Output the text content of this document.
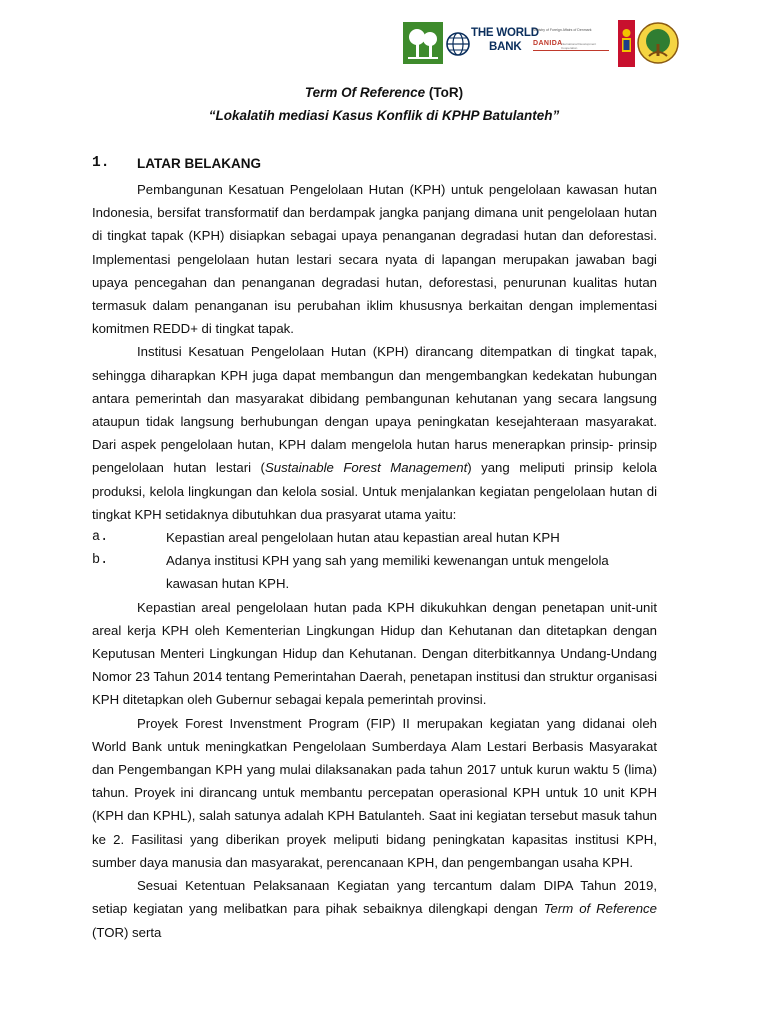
THE WORLD
BANK
Ministry of Foreign Affairs of Denmark
DANIDA
International Development Cooperation
Term Of Reference (ToR)
“Lokalatih mediasi Kasus Konflik di KPHP Batulanteh”
1. LATAR BELAKANG

Pembangunan Kesatuan Pengelolaan Hutan (KPH) untuk pengelolaan kawasan hutan Indonesia, bersifat transformatif dan berdampak jangka panjang dimana unit pengelolaan hutan di tingkat tapak (KPH) disiapkan sebagai upaya penanganan degradasi hutan dan deforestasi. Implementasi pengelolaan hutan lestari secara nyata di lapangan merupakan jawaban bagi upaya pencegahan dan penanganan degradasi hutan, deforestasi, penurunan kualitas hutan termasuk dalam penanganan isu perubahan iklim khususnya berkaitan dengan implementasi komitmen REDD+ di tingkat tapak.

Institusi Kesatuan Pengelolaan Hutan (KPH) dirancang ditempatkan di tingkat tapak, sehingga diharapkan KPH juga dapat membangun dan mengembangkan kedekatan hubungan antara pemerintah dan masyarakat dibidang pembangunan kehutanan yang secara langsung ataupun tidak langsung berhubungan dengan upaya peningkatan kesejahteraan masyarakat. Dari aspek pengelolaan hutan, KPH dalam mengelola hutan harus menerapkan prinsip- prinsip pengelolaan hutan lestari (Sustainable Forest Management) yang meliputi prinsip kelola produksi, kelola lingkungan dan kelola sosial. Untuk menjalankan kegiatan pengelolaan hutan di tingkat KPH setidaknya dibutuhkan dua prasyarat utama yaitu:

a.	Kepastian areal pengelolaan hutan atau kepastian areal hutan KPH
b.	Adanya institusi KPH yang sah yang memiliki kewenangan untuk mengelola kawasan hutan KPH.

Kepastian areal pengelolaan hutan pada KPH dikukuhkan dengan penetapan unit-unit areal kerja KPH oleh Kementerian Lingkungan Hidup dan Kehutanan dan ditetapkan dengan Keputusan Menteri Lingkungan Hidup dan Kehutanan. Dengan diterbitkannya Undang-Undang Nomor 23 Tahun 2014 tentang Pemerintahan Daerah, penetapan institusi dan struktur organisasi KPH ditetapkan oleh Gubernur sebagai kepala pemerintah provinsi.

Proyek Forest Invenstment Program (FIP) II merupakan kegiatan yang didanai oleh World Bank untuk meningkatkan Pengelolaan Sumberdaya Alam Lestari Berbasis Masyarakat dan Pengembangan KPH yang mulai dilaksanakan pada tahun 2017 untuk kurun waktu 5 (lima) tahun. Proyek ini dirancang untuk membantu percepatan operasional KPH untuk 10 unit KPH (KPH dan KPHL), salah satunya adalah KPH Batulanteh. Saat ini kegiatan tersebut masuk tahun ke 2. Fasilitasi yang diberikan proyek meliputi bidang peningkatan kapasitas institusi KPH, sumber daya manusia dan masyarakat, perencanaan KPH, dan pengembangan usaha KPH.

Sesuai Ketentuan Pelaksanaan Kegiatan yang tercantum dalam DIPA Tahun 2019, setiap kegiatan yang melibatkan para pihak sebaiknya dilengkapi dengan Term of Reference (TOR) serta
